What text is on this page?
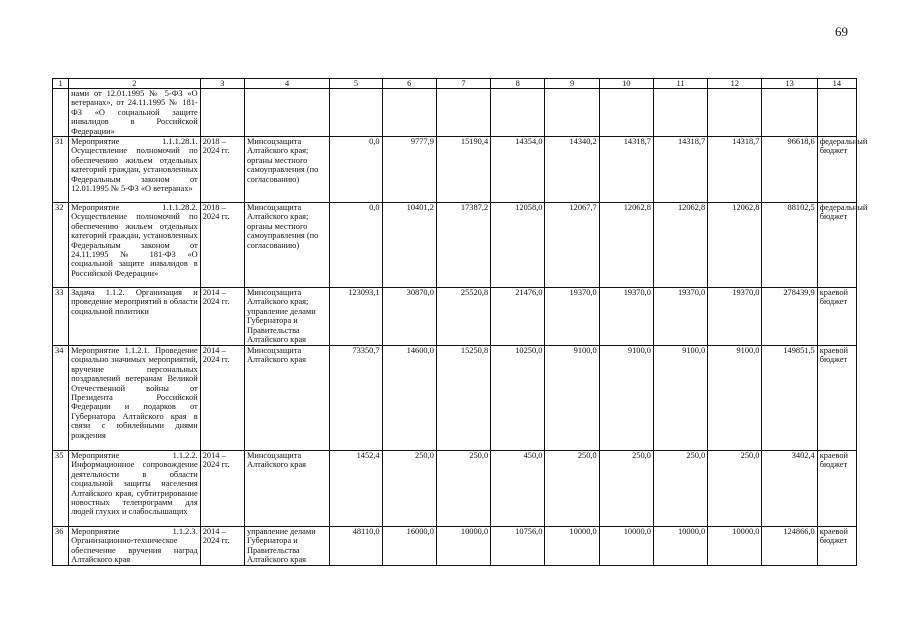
69
1	2	3	4	5	6	7	8	9	10	11	12	13	14
	нами от 12.01.1995 № 5-ФЗ «О ветеранах», от 24.11.1995 № 181-ФЗ «О социальной защите инвалидов в Российской Федерации»												
31	Мероприятие 1.1.1.28.1. Осуществление полномочий по обеспечению жильем отдельных категорий граждан, установленных Федеральным законом от 12.01.1995 № 5-ФЗ «О ветеранах»	2018 – 2024 гг.	Минсоцзащита Алтайского края; органы местного самоуправления (по согласованию)	0,0	9777,9	15190,4	14354,0	14340,2	14318,7	14318,7	14318,7	96618,6	федеральный бюджет
32	Мероприятие 1.1.1.28.2. Осуществление полномочий по обеспечению жильем отдельных категорий граждан, установленных Федеральным законом от 24.11.1995 № 181-ФЗ «О социальной защите инвалидов в Российской Федерации»	2018 – 2024 гг.	Минсоцзащита Алтайского края; органы местного самоуправления (по согласованию)	0,0	10401,2	17387,2	12058,0	12067,7	12062,8	12062,8	12062,8	88102,5	федеральный бюджет
33	Задача 1.1.2. Организация и проведение мероприятий в области социальной политики	2014 – 2024 гг.	Минсоцзащита Алтайского края; управление делами Губернатора и Правительства Алтайского края	123093,1	30870,0	25520,8	21476,0	19370,0	19370,0	19370,0	19370,0	278439,9	краевой бюджет
34	Мероприятие 1.1.2.1. Проведение социально значимых мероприятий, вручение персональных поздравлений ветеранам Великой Отечественной войны от Президента Российской Федерации и подарков от Губернатора Алтайского края в связи с юбилейными днями рождения	2014 – 2024 гг.	Минсоцзащита Алтайского края	73350,7	14600,0	15250,8	10250,0	9100,0	9100,0	9100,0	9100,0	149851,5	краевой бюджет
35	Мероприятие 1.1.2.2. Информационное сопровождение деятельности в области социальной защиты населения Алтайского края, субтитрирование новостных телепрограмм для людей глухих и слабослышащих	2014 – 2024 гг.	Минсоцзащита Алтайского края	1452,4	250,0	250,0	450,0	250,0	250,0	250,0	250,0	3402,4	краевой бюджет
36	Мероприятие 1.1.2.3. Организационно-техническое обеспечение вручения наград Алтайского края	2014 – 2024 гг.	управление делами Губернатора и Правительства Алтайского края	48110,0	16000,0	10000,0	10756,0	10000,0	10000,0	10000,0	10000,0	124866,0	краевой бюджет
